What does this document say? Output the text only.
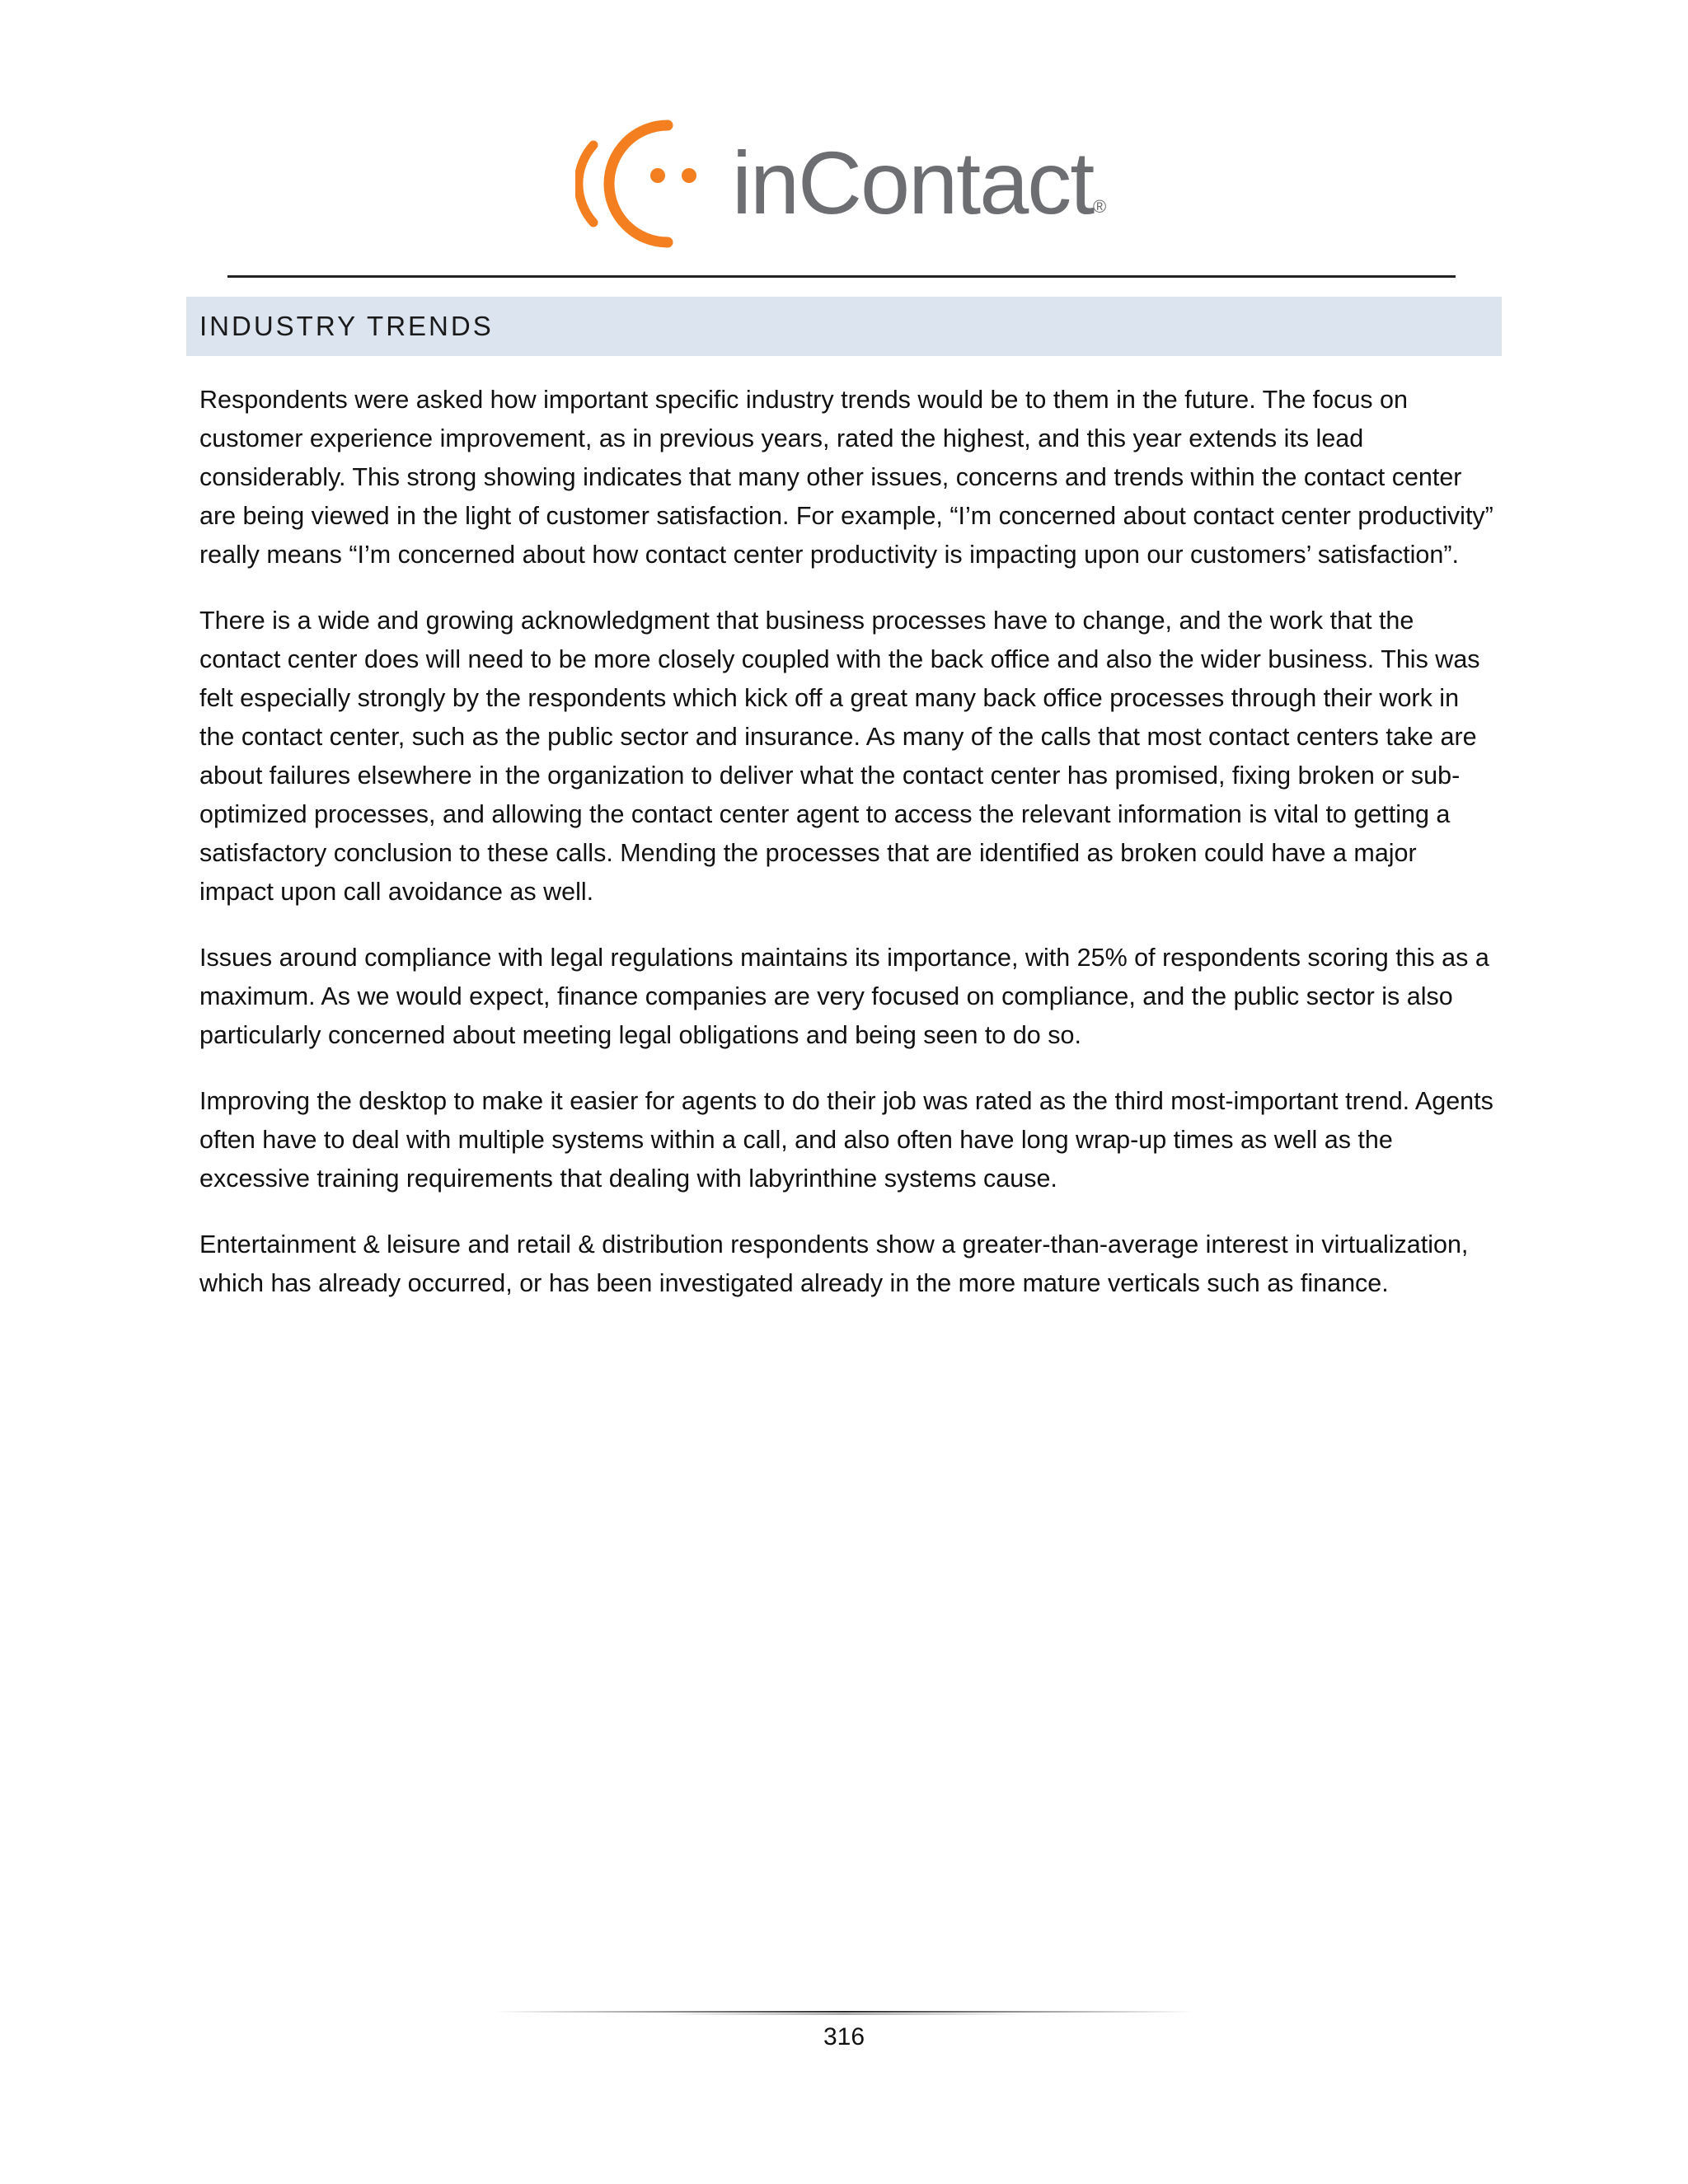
inContact ®
INDUSTRY TRENDS

Respondents were asked how important specific industry trends would be to them in the future. The focus on customer experience improvement, as in previous years, rated the highest, and this year extends its lead considerably. This strong showing indicates that many other issues, concerns and trends within the contact center are being viewed in the light of customer satisfaction. For example, “I’m concerned about contact center productivity” really means “I’m concerned about how contact center productivity is impacting upon our customers’ satisfaction”.

There is a wide and growing acknowledgment that business processes have to change, and the work that the contact center does will need to be more closely coupled with the back office and also the wider business. This was felt especially strongly by the respondents which kick off a great many back office processes through their work in the contact center, such as the public sector and insurance. As many of the calls that most contact centers take are about failures elsewhere in the organization to deliver what the contact center has promised, fixing broken or sub-optimized processes, and allowing the contact center agent to access the relevant information is vital to getting a satisfactory conclusion to these calls. Mending the processes that are identified as broken could have a major impact upon call avoidance as well.

Issues around compliance with legal regulations maintains its importance, with 25% of respondents scoring this as a maximum. As we would expect, finance companies are very focused on compliance, and the public sector is also particularly concerned about meeting legal obligations and being seen to do so.

Improving the desktop to make it easier for agents to do their job was rated as the third most-important trend. Agents often have to deal with multiple systems within a call, and also often have long wrap-up times as well as the excessive training requirements that dealing with labyrinthine systems cause.

Entertainment & leisure and retail & distribution respondents show a greater-than-average interest in virtualization, which has already occurred, or has been investigated already in the more mature verticals such as finance.

316
